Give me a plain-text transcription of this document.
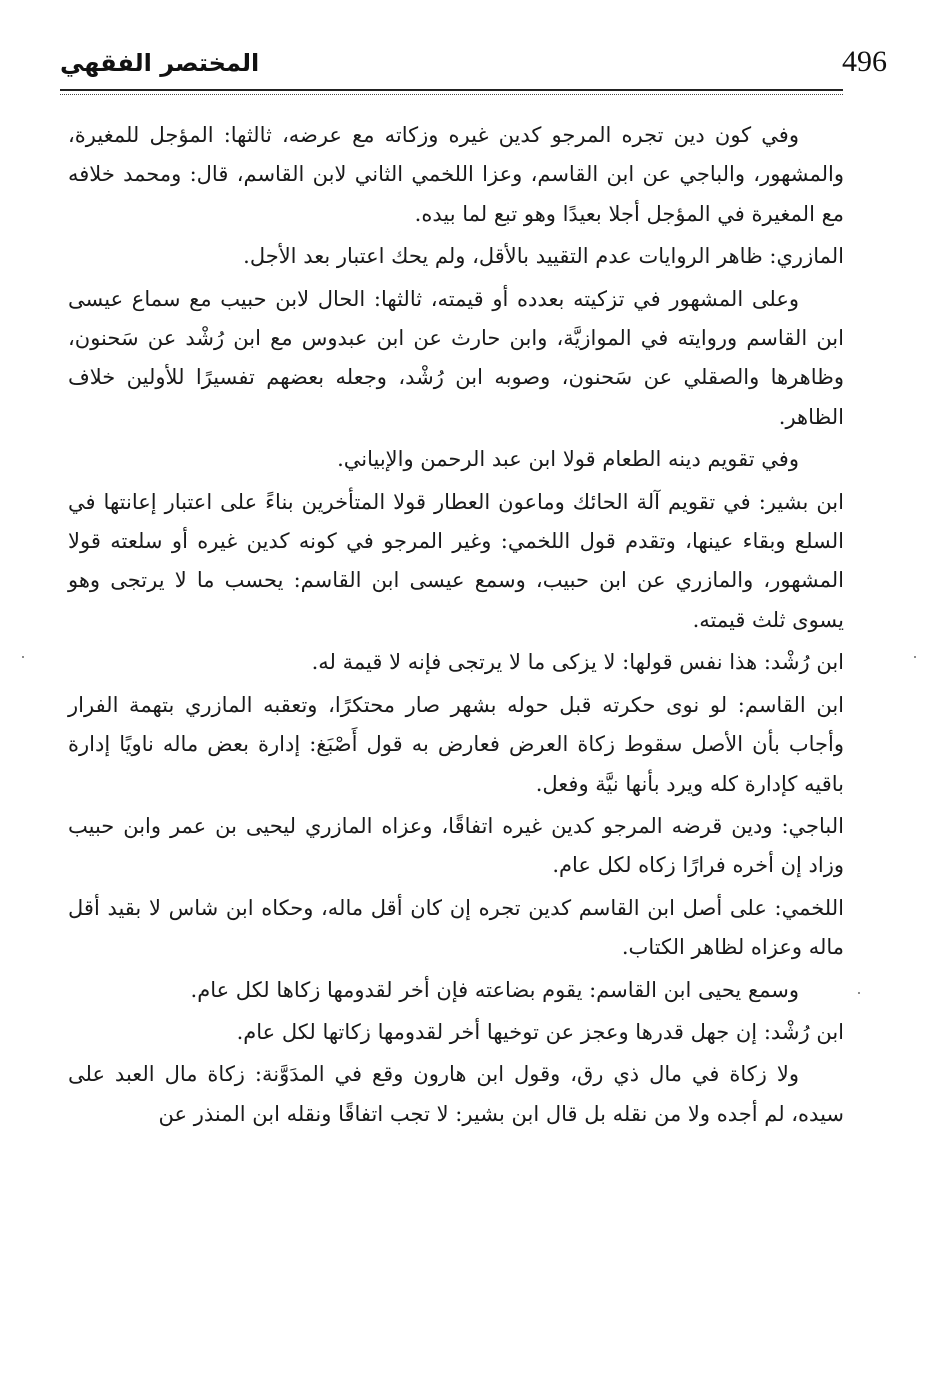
496
المختصر الفقهي

وفي كون دين تجره المرجو كدين غيره وزكاته مع عرضه، ثالثها: المؤجل للمغيرة، والمشهور، والباجي عن ابن القاسم، وعزا اللخمي الثاني لابن القاسم، قال: ومحمد خلافه مع المغيرة في المؤجل أجلا بعيدًا وهو تبع لما بيده.

المازري: ظاهر الروايات عدم التقييد بالأقل، ولم يحك اعتبار بعد الأجل.

وعلى المشهور في تزكيته بعدده أو قيمته، ثالثها: الحال لابن حبيب مع سماع عيسى ابن القاسم وروايته في الموازيَّة، وابن حارث عن ابن عبدوس مع ابن رُشْد عن سَحنون، وظاهرها والصقلي عن سَحنون، وصوبه ابن رُشْد، وجعله بعضهم تفسيرًا للأولين خلاف الظاهر.

وفي تقويم دينه الطعام قولا ابن عبد الرحمن والإبياني.

ابن بشير: في تقويم آلة الحائك وماعون العطار قولا المتأخرين بناءً على اعتبار إعانتها في السلع وبقاء عينها، وتقدم قول اللخمي: وغير المرجو في كونه كدين غيره أو سلعته قولا المشهور، والمازري عن ابن حبيب، وسمع عيسى ابن القاسم: يحسب ما لا يرتجى وهو يسوى ثلث قيمته.

ابن رُشْد: هذا نفس قولها: لا يزكى ما لا يرتجى فإنه لا قيمة له.

ابن القاسم: لو نوى حكرته قبل حوله بشهر صار محتكرًا، وتعقبه المازري بتهمة الفرار وأجاب بأن الأصل سقوط زكاة العرض فعارض به قول أَصْبَغ: إدارة بعض ماله ناويًا إدارة باقيه كإدارة كله ويرد بأنها نيَّة وفعل.

الباجي: ودين قرضه المرجو كدين غيره اتفاقًا، وعزاه المازري ليحيى بن عمر وابن حبيب وزاد إن أخره فرارًا زكاه لكل عام.

اللخمي: على أصل ابن القاسم كدين تجره إن كان أقل ماله، وحكاه ابن شاس لا بقيد أقل ماله وعزاه لظاهر الكتاب.

وسمع يحيى ابن القاسم: يقوم بضاعته فإن أخر لقدومها زكاها لكل عام.

ابن رُشْد: إن جهل قدرها وعجز عن توخيها أخر لقدومها زكاتها لكل عام.

ولا زكاة في مال ذي رق، وقول ابن هارون وقع في المدَوَّنة: زكاة مال العبد على سيده، لم أجده ولا من نقله بل قال ابن بشير: لا تجب اتفاقًا ونقله ابن المنذر عن
